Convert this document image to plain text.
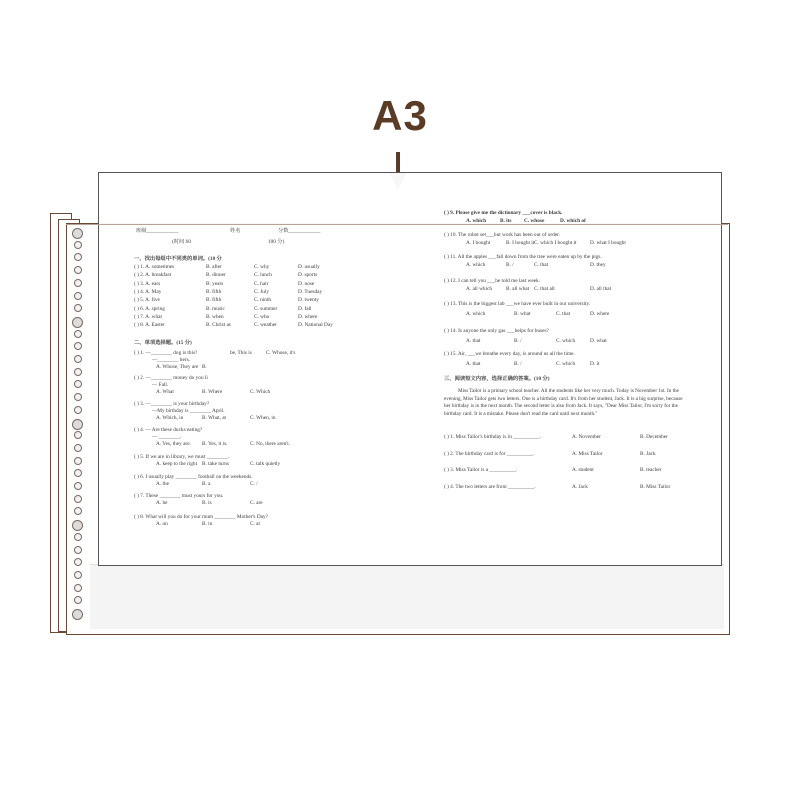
A3
班级____________	姓名	分数____________
(时间 60	100 分)
一、找出每组中不同类的单词。(10 分
( ) 1. A. sometimes	B. after	C. why	D. usually
( ) 2. A. breakfast	B. dinner	C. lunch	D. sports
( ) 3. A. ears	B. years	C. hair	D. nose
( ) 4. A. May	B. fifth	C. July	D. Tuesday
( ) 5. A. five	B. fifth	C. ninth	D. twenty
( ) 6. A. spring	B. music	C. summer	D. fall
( ) 7. A. what	B. when	C. who	D. where
( ) 8. A. Easter	B. Christ as	C. weather	D. National Day
二、单项选择题。(15 分)
( ) 1. —________ dog is this?	be, This is	C. Whose, it's
—________ hers.
A. Whose, They are B.
( ) 2. —________ money do you li
— Fall.
A. What	B. Where	C. Which
( ) 3. —________ is your birthday?
—My birthday is ________ April.
A. Which, in	B. What, at	C. When, in
( ) 4. — Are these ducks eating?
— ________.
A. Yes, they are. B. Yes, it is.	C. No, there aren't.
( ) 5. If we are in library, we must ________.
A. keep to the right B. take turns	C. talk quietly
( ) 6. I usually play ________ football on the weekends.
A. the	B. a	C. /
( ) 7. These ________ must yours for you.
A. he	B. is	C. are
( ) 8. What will you do for your mum ________ Mother's Day?
A. on	B. in	C. at
( ) 9. Please give me the dictionary ___cover is black.
A. which	B. its C. whose	D. which of
( ) 10. The robot set___but work has been out of order.
A. I bought	B. I bought it C. which I bought it	D. what I bought
( ) 11. All the apples ___fall down from the tree were eaten up by the pigs.
A. which	B. /	C. that	D. they
( ) 12. I can tell you ___he told me last week.
A. all which	B. all what C. that all	D. all that
( ) 13. This is the biggest lab ___we have ever built in our university.
A. which	B. what	C. that	D. where
( ) 14. Is anyone the only gas ___helps for buses?
A. that	B. /	C. which	D. what
( ) 15. Air, ___we breathe every day, is around us all the time.
A. that	B. /	C. which	D. it
三、阅读短文内容，选择正确的答案。(10 分)
Miss Tailor is a primary school teacher. All the students like her very much. Today is November 1st. In the evening, Miss Tailor gets two letters. One is a birthday card. It's from her student, Jack. It is a big surprise, because her birthday is in the next month. The second letter is also from Jack. It says, "Dear Miss Tailor, I'm sorry for the birthday card. It is a mistake. Please don't read the card until next month."
( ) 1. Miss Tailor's birthday is in __________.	A. November	B. December
( ) 2. The birthday card is for __________.	A. Miss Tailor	B. Jack
( ) 3. Miss Tailor is a __________.	A. student	B. teacher
( ) 4. The two letters are from __________.	A. Jack	B. Miss Tailor
